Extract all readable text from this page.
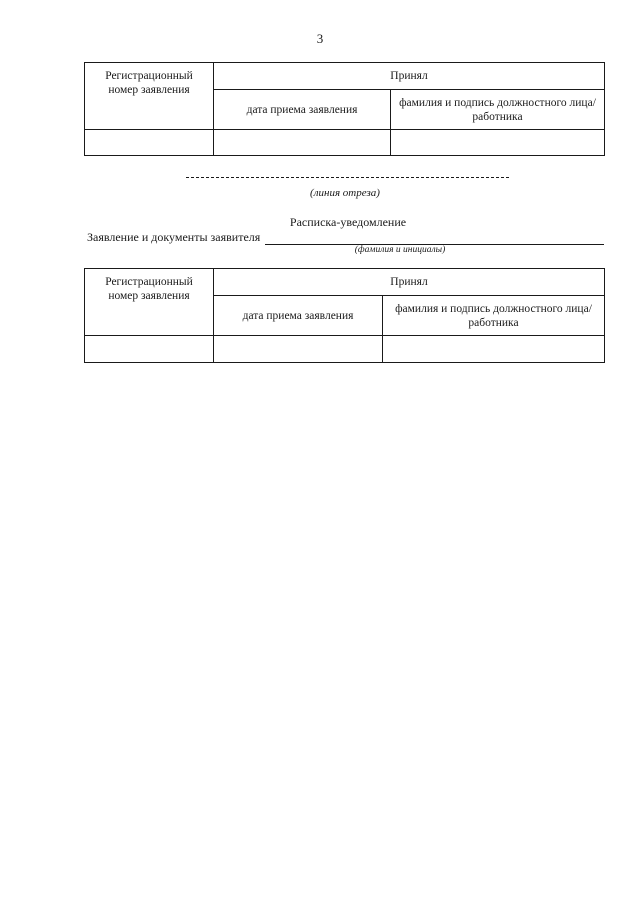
3
Регистрационный номер заявления	Принял	
	дата приема заявления	фамилия и подпись должностного лица/работника

(линия отреза)
Расписка-уведомление
Заявление и документы заявителя
(фамилия и инициалы)
Регистрационный номер заявления	Принял	
	дата приема заявления	фамилия и подпись должностного лица/работника
